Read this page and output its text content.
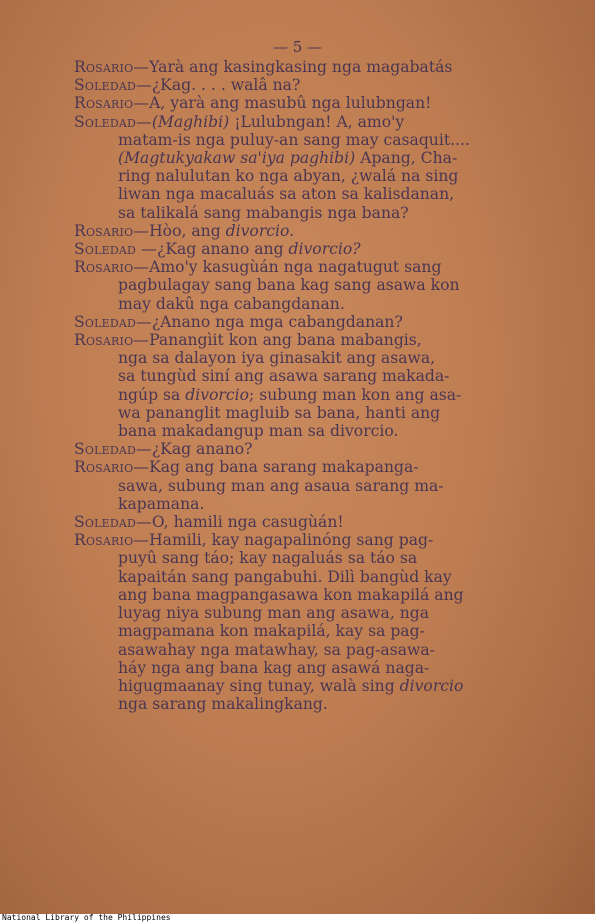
— 5 —
Rosario—Yarà ang kasingkasing nga magabatás
Soledad—¿Kag. . . . walâ na?
Rosario—A, yarà ang masubû nga lulubngan!
Soledad—(Maghibi) ¡Lulubngan! A, amo'y
matam-is nga puluy-an sang may casaquit....
(Magtukyakaw sa'iya paghibi) Apang, Cha-
ring nalulutan ko nga abyan, ¿walá na sing
liwan nga macaluás sa aton sa kalisdanan,
sa talikalá sang mabangis nga bana?
Rosario—Hòo, ang divorcio.
Soledad —¿Kag anano ang divorcio?
Rosario—Amo'y kasugùán nga nagatugut sang
pagbulagay sang bana kag sang asawa kon
may dakû nga cabangdanan.
Soledad—¿Anano nga mga cabangdanan?
Rosario—Panangìit kon ang bana mabangis,
nga sa dalayon iya ginasakit ang asawa,
sa tungùd siní ang asawa sarang makada-
ngúp sa divorcio; subung man kon ang asa-
wa pananglit magluib sa bana, hanti ang
bana makadangup man sa divorcio.
Soledad—¿Kag anano?
Rosario—Kag ang bana sarang makapanga-
sawa, subung man ang asaua sarang ma-
kapamana.
Soledad—O, hamili nga casugùán!
Rosario—Hamili, kay nagapalinóng sang pag-
puyû sang táo; kay nagaluás sa táo sa
kapaitán sang pangabuhi. Dilì bangùd kay
ang bana magpangasawa kon makapilá ang
luyag niya subung man ang asawa, nga
magpamana kon makapilá, kay sa pag-
asawahay nga matawhay, sa pag-asawa-
háy nga ang bana kag ang asawá naga-
higugmaanay sing tunay, walà sing divorcio
nga sarang makalingkang.
National Library of the Philippines
